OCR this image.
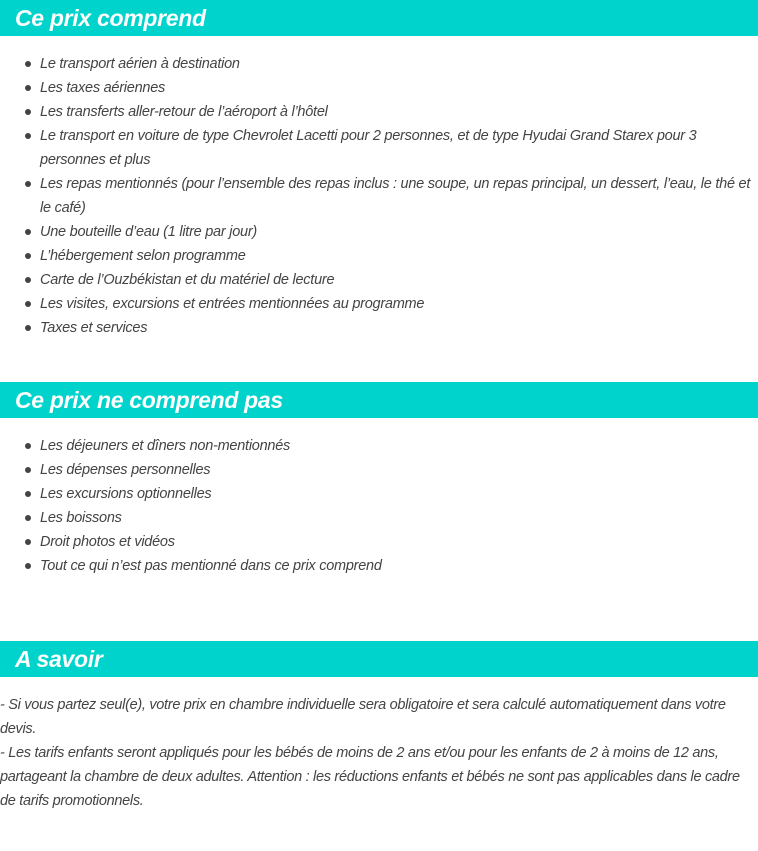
Ce prix comprend
Le transport aérien à destination
Les taxes aériennes
Les transferts aller-retour de l’aéroport à l’hôtel
Le transport en voiture de type Chevrolet Lacetti pour 2 personnes, et de type Hyudai Grand Starex pour 3 personnes et plus
Les repas mentionnés (pour l’ensemble des repas inclus : une soupe, un repas principal, un dessert, l’eau, le thé et le café)
Une bouteille d’eau (1 litre par jour)
L’hébergement selon programme
Carte de l’Ouzbékistan et du matériel de lecture
Les visites, excursions et entrées mentionnées au programme
Taxes et services
Ce prix ne comprend pas
Les déjeuners et dîners non-mentionnés
Les dépenses personnelles
Les excursions optionnelles
Les boissons
Droit photos et vidéos
Tout ce qui n’est pas mentionné dans ce prix comprend
A savoir

- Si vous partez seul(e), votre prix en chambre individuelle sera obligatoire et sera calculé automatiquement dans votre devis.

- Les tarifs enfants seront appliqués pour les bébés de moins de 2 ans et/ou pour les enfants de 2 à moins de 12 ans, partageant la chambre de deux adultes. Attention : les réductions enfants et bébés ne sont pas applicables dans le cadre de tarifs promotionnels.
